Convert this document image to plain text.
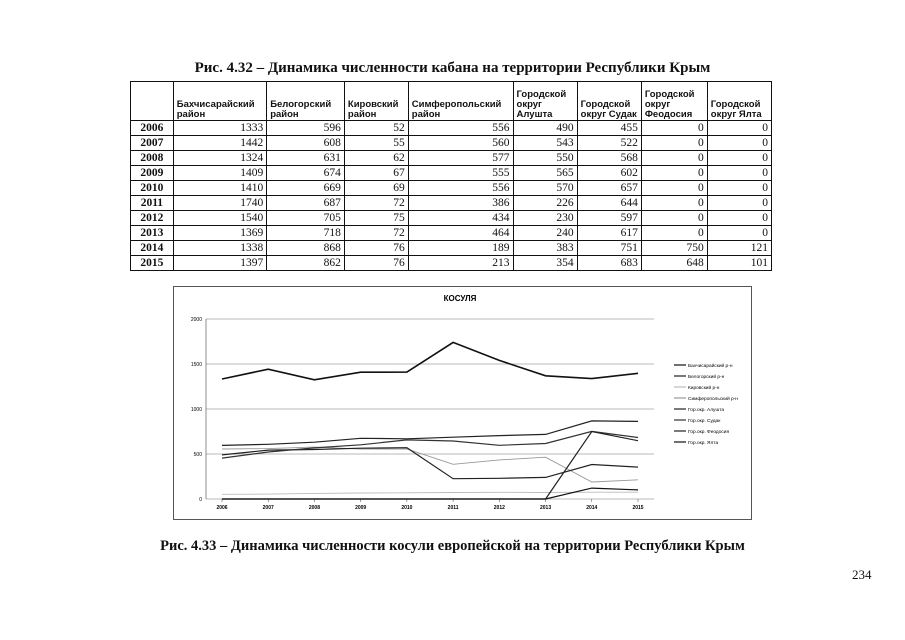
Рис. 4.32 – Динамика численности кабана на территории Республики Крым
	Бахчисарайский район	Белогорский район	Кировский район	Симферопольский район	Городской округ Алушта	Городской округ Судак	Городской округ Феодосия	Городской округ Ялта
2006	1333	596	52	556	490	455	0	0
2007	1442	608	55	560	543	522	0	0
2008	1324	631	62	577	550	568	0	0
2009	1409	674	67	555	565	602	0	0
2010	1410	669	69	556	570	657	0	0
2011	1740	687	72	386	226	644	0	0
2012	1540	705	75	434	230	597	0	0
2013	1369	718	72	464	240	617	0	0
2014	1338	868	76	189	383	751	750	121
2015	1397	862	76	213	354	683	648	101
КОСУЛЯ
0
500
1000
1500
2000
2006	2007	2008	2009	2010	2011	2012	2013	2014	2015
Бахчисарайский р-н
Белогорский р-н
Кировский р-н
Симферопольский р-н
Гор.окр. Алушта
Гор.окр. Судак
Гор.окр. Феодосия
Гор.окр. Ялта
Рис. 4.33 – Динамика численности косули европейской на территории Республики Крым
234
